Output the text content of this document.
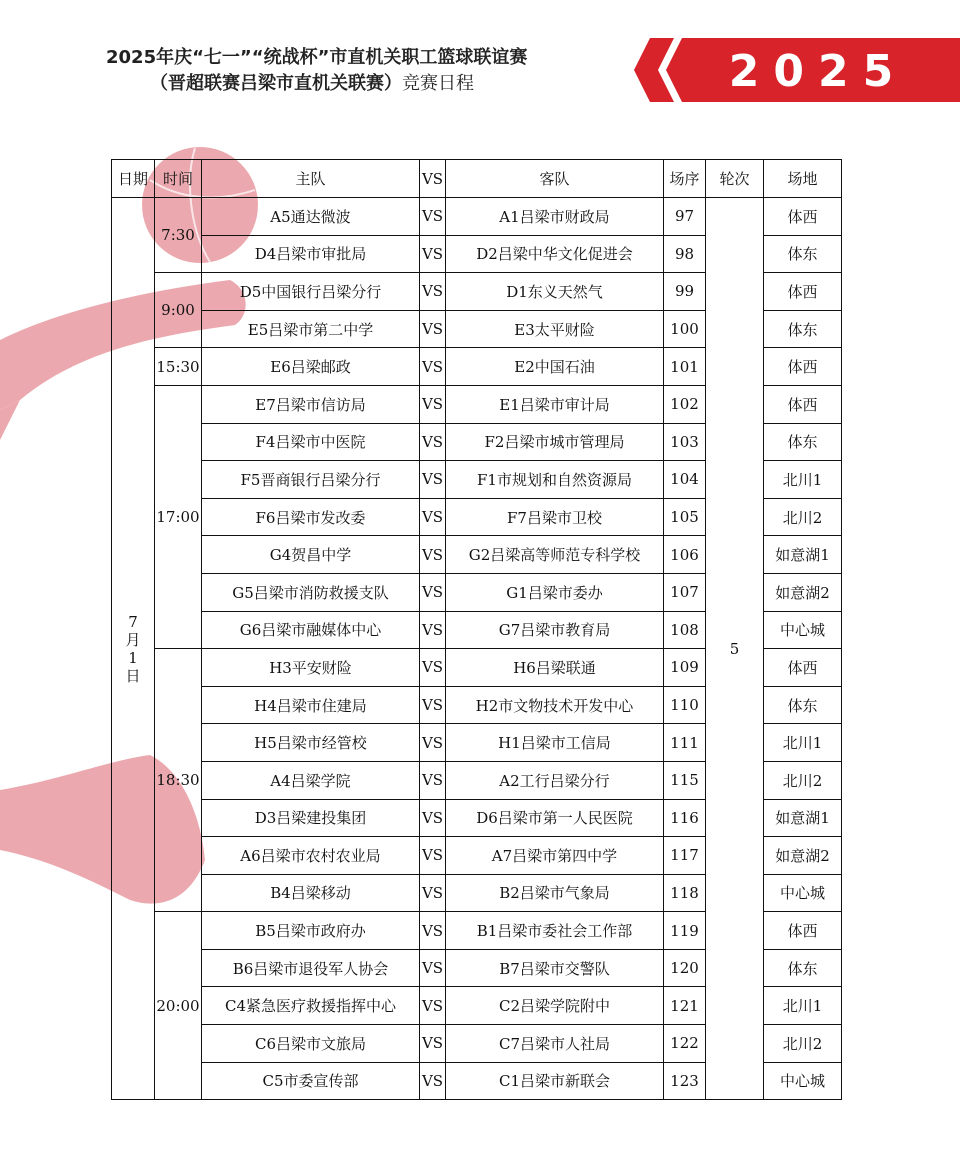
2025年庆“七一”“统战杯”市直机关职工篮球联谊赛
（晋超联赛吕梁市直机关联赛）竞赛日程	2025
日期	时间	主队	VS	客队	场序	轮次	场地

7
月
1
日	7:30	A5通达微波	VS	A1吕梁市财政局	97	5	体西
		D4吕梁市审批局	VS	D2吕梁中华文化促进会	98		体东
	9:00	D5中国银行吕梁分行	VS	D1东义天然气	99		体西
		E5吕梁市第二中学	VS	E3太平财险	100		体东
	15:30	E6吕梁邮政	VS	E2中国石油	101		体西
	17:00	E7吕梁市信访局	VS	E1吕梁市审计局	102		体西
		F4吕梁市中医院	VS	F2吕梁市城市管理局	103		体东
		F5晋商银行吕梁分行	VS	F1市规划和自然资源局	104		北川1
		F6吕梁市发改委	VS	F7吕梁市卫校	105		北川2
		G4贺昌中学	VS	G2吕梁高等师范专科学校	106		如意湖1
		G5吕梁市消防救援支队	VS	G1吕梁市委办	107		如意湖2
		G6吕梁市融媒体中心	VS	G7吕梁市教育局	108		中心城
	18:30	H3平安财险	VS	H6吕梁联通	109		体西
		H4吕梁市住建局	VS	H2市文物技术开发中心	110		体东
		H5吕梁市经管校	VS	H1吕梁市工信局	111		北川1
		A4吕梁学院	VS	A2工行吕梁分行	115		北川2
		D3吕梁建投集团	VS	D6吕梁市第一人民医院	116		如意湖1
		A6吕梁市农村农业局	VS	A7吕梁市第四中学	117		如意湖2
		B4吕梁移动	VS	B2吕梁市气象局	118		中心城
	20:00	B5吕梁市政府办	VS	B1吕梁市委社会工作部	119		体西
		B6吕梁市退役军人协会	VS	B7吕梁市交警队	120		体东
		C4紧急医疗救援指挥中心	VS	C2吕梁学院附中	121		北川1
		C6吕梁市文旅局	VS	C7吕梁市人社局	122		北川2
		C5市委宣传部	VS	C1吕梁市新联会	123		中心城
